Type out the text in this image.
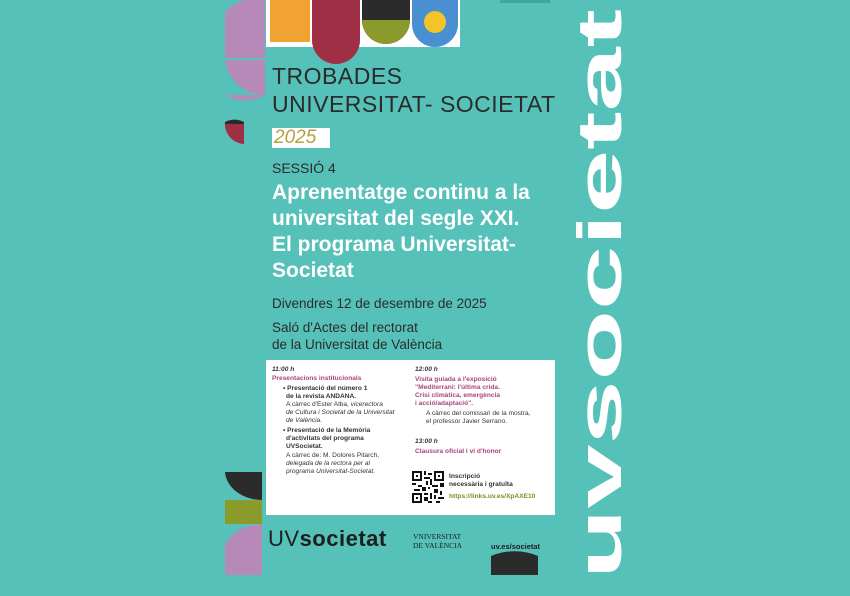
uvsocietat
TROBADES
UNIVERSITAT- SOCIETAT
2025
SESSIÓ 4
Aprenentatge continu a la
universitat del segle XXI.
El programa Universitat-
Societat
Divendres 12 de desembre de 2025
Saló d'Actes del rectorat
de la Universitat de València
11:00 h
Presentacions institucionals
• Presentació del número 1
de la revista ANDANA.
A càrrec d'Ester Alba, vicerectora
de Cultura i Societat de la Universitat
de València.
• Presentació de la Memòria
d'activitats del programa
UVSocietat.
A càrrec de: M. Dolores Pitarch,
delegada de la rectora per al
programa Universitat-Societat.
12:00 h
Visita guiada a l'exposició
"Mediterrani: l'última crida.
Crisi climàtica, emergència
i acció/adaptació".
A càrrec del comissari de la mostra,
el professor Javier Serrano.
13:00 h
Clausura oficial i vi d'honor
Inscripció
necessària i gratuïta
https://links.uv.es/XpAXE10
UVsocietat	VNIVERSITAT
DE VALÈNCIA	uv.es/societat
